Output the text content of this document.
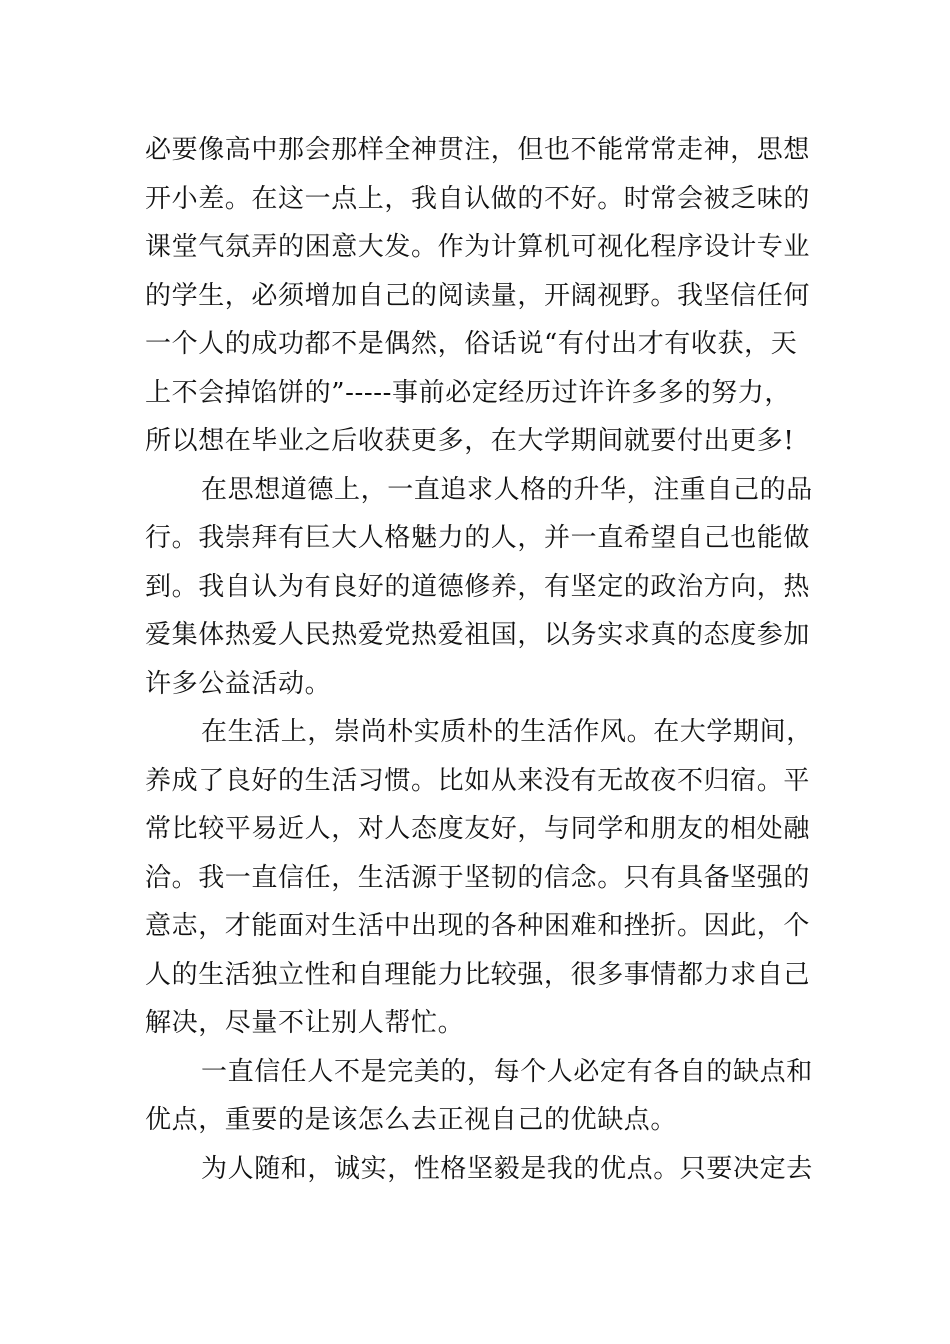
必要像高中那会那样全神贯注，但也不能常常走神，思想
开小差。在这一点上，我自认做的不好。时常会被乏味的
课堂气氛弄的困意大发。作为计算机可视化程序设计专业
的学生，必须增加自己的阅读量，开阔视野。我坚信任何
一个人的成功都不是偶然，俗话说“有付出才有收获，天
上不会掉馅饼的”-----事前必定经历过许许多多的努力，
所以想在毕业之后收获更多，在大学期间就要付出更多!
在思想道德上，一直追求人格的升华，注重自己的品
行。我崇拜有巨大人格魅力的人，并一直希望自己也能做
到。我自认为有良好的道德修养，有坚定的政治方向，热
爱集体热爱人民热爱党热爱祖国，以务实求真的态度参加
许多公益活动。
在生活上，崇尚朴实质朴的生活作风。在大学期间，
养成了良好的生活习惯。比如从来没有无故夜不归宿。平
常比较平易近人，对人态度友好，与同学和朋友的相处融
洽。我一直信任，生活源于坚韧的信念。只有具备坚强的
意志，才能面对生活中出现的各种困难和挫折。因此，个
人的生活独立性和自理能力比较强，很多事情都力求自己
解决，尽量不让别人帮忙。
一直信任人不是完美的，每个人必定有各自的缺点和
优点，重要的是该怎么去正视自己的优缺点。
为人随和，诚实，性格坚毅是我的优点。只要决定去
